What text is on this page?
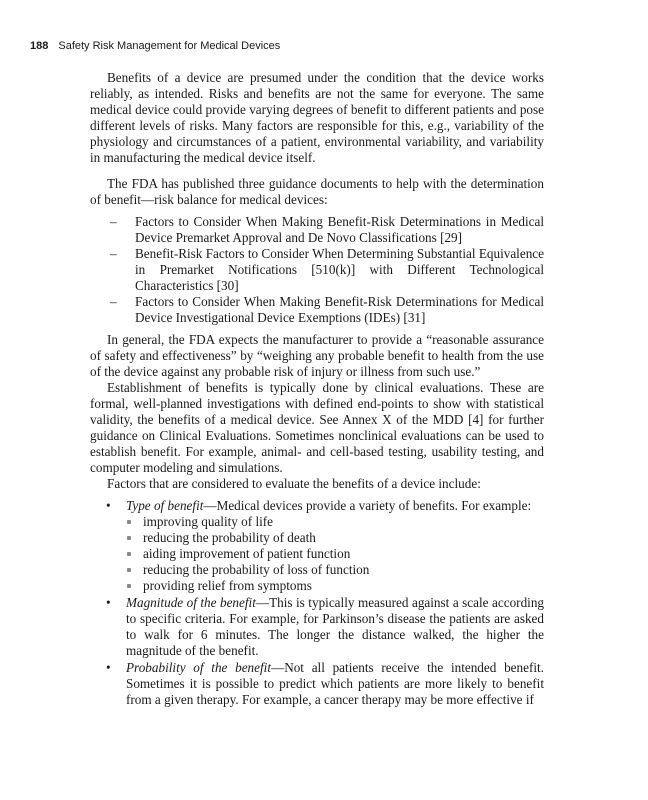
188 Safety Risk Management for Medical Devices

Benefits of a device are presumed under the condition that the device works reliably, as intended. Risks and benefits are not the same for everyone. The same medical device could provide varying degrees of benefit to different patients and pose different levels of risks. Many factors are responsible for this, e.g., variability of the physiology and circumstances of a patient, environmental variability, and variability in manufacturing the medical device itself.

The FDA has published three guidance documents to help with the determination of benefit—risk balance for medical devices:

– Factors to Consider When Making Benefit-Risk Determinations in Medical Device Premarket Approval and De Novo Classifications [29]
– Benefit-Risk Factors to Consider When Determining Substantial Equivalence in Premarket Notifications [510(k)] with Different Technological Characteristics [30]
– Factors to Consider When Making Benefit-Risk Determinations for Medical Device Investigational Device Exemptions (IDEs) [31]

In general, the FDA expects the manufacturer to provide a “reasonable assurance of safety and effectiveness” by “weighing any probable benefit to health from the use of the device against any probable risk of injury or illness from such use.”

Establishment of benefits is typically done by clinical evaluations. These are formal, well-planned investigations with defined end-points to show with statistical validity, the benefits of a medical device. See Annex X of the MDD [4] for further guidance on Clinical Evaluations. Sometimes nonclinical evaluations can be used to establish benefit. For example, animal- and cell-based testing, usability testing, and computer modeling and simulations.

Factors that are considered to evaluate the benefits of a device include:

• Type of benefit—Medical devices provide a variety of benefits. For example:
improving quality of life
reducing the probability of death
aiding improvement of patient function
reducing the probability of loss of function
providing relief from symptoms
• Magnitude of the benefit—This is typically measured against a scale according to specific criteria. For example, for Parkinson’s disease the patients are asked to walk for 6 minutes. The longer the distance walked, the higher the magnitude of the benefit.
• Probability of the benefit—Not all patients receive the intended benefit. Sometimes it is possible to predict which patients are more likely to benefit from a given therapy. For example, a cancer therapy may be more effective if
